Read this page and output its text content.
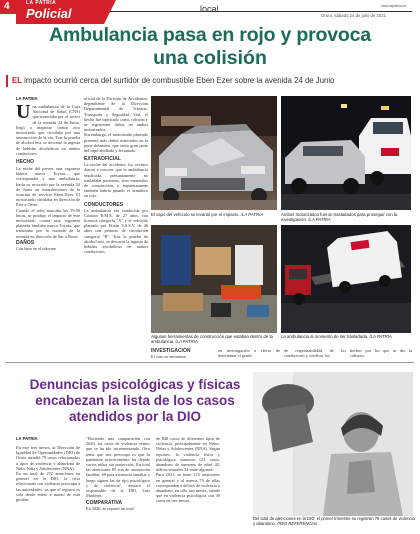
4	LA PATRIA
Policial	local	www.lapatria.bo
Oruro, sábado 24 de julio de 2021
Ambulancia pasa en rojo y provoca
una colisión
EL impacto ocurrió cerca del surtidor de combustible Eben Ezer sobre la avenida 24 de Junio
LA PATRIA
Una ambulancia de la Caja Nacional de Salud (CNS) que transitaba por el sector de la avenida 24 de Junio, llegó a impactar contra otro motorizado que circulaba por una intersección de la vía. Tras la prueba de alcohol test, se descartó la ingesta de bebidas alcohólicas en ambos conductores.
HECHO
La noche del jueves, una vagoneta blanca marca Toyota, que correspondía a una ambulancia, hacía su recorrido por la avenida 24 de Junio en inmediaciones de la estación de servicio Eben Ezer. El motorizado circulaba en dirección de Este a Oeste.
Cuando el reloj marcaba las 19:00 horas, se produjo el impacto de este motorizado contra una vagoneta plateada también marca Toyota, que transitaba por la rotonda de la avenida en dirección de Sur a Norte.
DAÑOS
Con base en el informe
oficial de la División de Accidentes, dependiente de la Dirección Departamental de Tránsito, Transporte y Seguridad Vial, el hecho fue tipificado como colisión y se registraron daños en ambos motorizados.
Sin embargo, el motorizado plateado presentó más daños materiales en la parte delantera, que tenía gran parte del capó abollado y levantado.
EXTRAOFICIAL
La noche del accidente, los vecinos dieron a conocer que la ambulancia implicada, presuntamente no trasladaba pacientes, sino materiales de construcción y supuestamente también habría pasado el semáforo en rojo.
CONDUCTORES
La ambulancia era conducida por Cristian R.M.E. de 27 años, con licencia categoría "A" y el vehículo plateado por Efrain S.S.S.V. de 46 años con permiso de circulación categoría "B". Tras la prueba de alcohol test, se descartó la ingesta de bebidas alcohólicas en ambos conductores.
El capó del vehículo se levantó por el impacto. /LA PATRIA	Ambos motorizados fueron trasladados para proseguir con la investigación. /LA PATRIA
Algunas herramientas de construcción que estaban dentro de la ambulancia. /LA PATRIA
La ambulancia al momento de ser trasladada. /LA PATRIA
INVESTIGACIÓN
El caso se encuentra
en investigación a efecto de determinar el grado
de responsabilidad de los conductores y verificar los
hechos por los que se dio la colisión.
Denuncias psicológicas y físicas
encabezan la lista de los casos
atendidos por la DIO
LA PATRIA
En este tres meses, la Dirección de Igualdad de Oportunidades (DIO) de Oruro atendió 79 casos relacionados a tipos de violencia y abandono de Niño, Niña y Adolescente (NNA).
En un total de 272 atenciones en general en la DIO, la cifra relacionada con violencia preocupa a las autoridades, ya que el registro es sólo desde enero a marzo de esta gestión.
"Haciendo una comparación con 2020, los casos de violencia vemos que se ha ido incrementando. Otro tema que nos preocupa es que la pandemia prácticamente ha dejado varios niños sin protección. En total las atenciones 85 son de orientación familiar, 68 para asistencia familiar y luego siguen las de tipo psicológico y de violencia", destacó el responsable de la DIO, Luis Martínez.
COMPARATIVA
En 2020, se reportó un total
de 848 casos de diferentes tipos de violencia, principalmente en Niños, Niñas y Adolescentes (NNA). Según reportes, la violencia física y psicológica sumaron 123 casos, abandono de menores de edad 43, delitos sexuales 34 entre algunos.
Para 2021, se tiene 272 atenciones en general y al menos 79 de ellos corresponden a delitos de violencia o abandono, en sólo tres meses, siendo que en violencia psicológica con 39 casos en tres meses.
Del total de atenciones en la DIO, el primer trimestre se registran 79 casos de violencia y abandono. /RED REFERENCIAL
